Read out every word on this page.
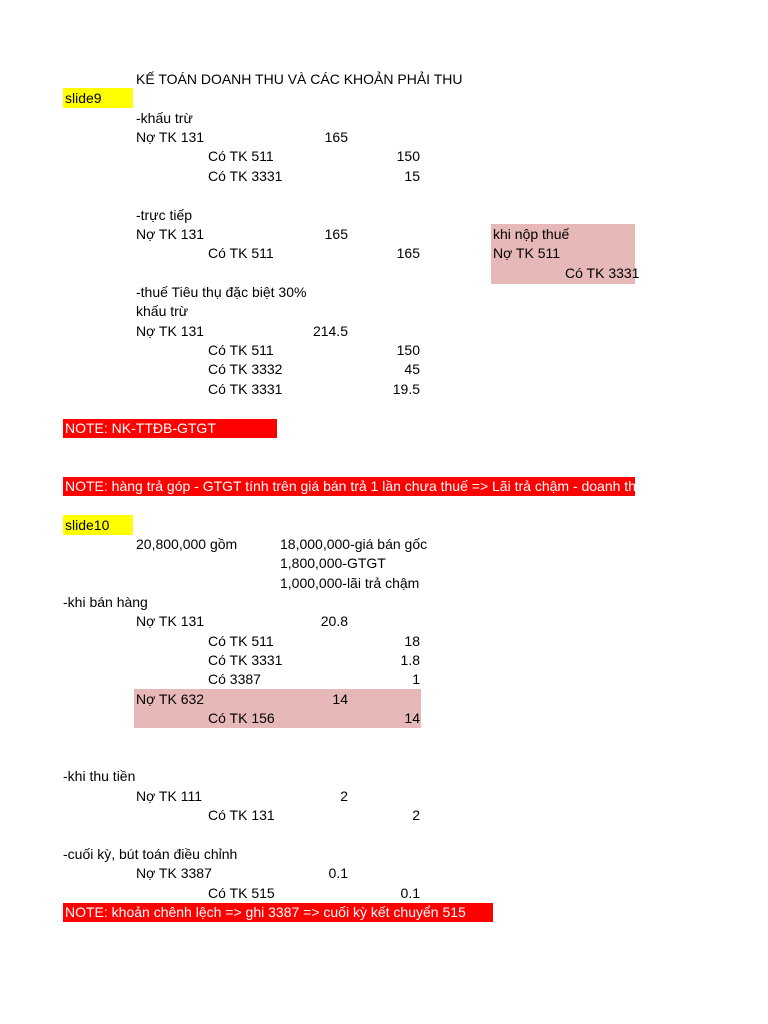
KẾ TOÁN DOANH THU VÀ CÁC KHOẢN PHẢI THU
slide9
-khấu trừ
Nợ TK 131	165
Có TK 511	150
Có TK 3331	15
-trực tiếp
Nợ TK 131	165
Có TK 511	165
khi nộp thuế
Nợ TK 511
Có TK 3331
-thuế Tiêu thụ đặc biệt 30%
khấu trừ
Nợ TK 131	214.5
Có TK 511	150
Có TK 3332	45
Có TK 3331	19.5
NOTE: NK-TTĐB-GTGT
NOTE: hàng trả góp - GTGT tính trên giá bán trả 1 lần chưa thuế => Lãi trả chậm - doanh thu chưa thực hiện
slide10
20,800,000 gồm	18,000,000-giá bán gốc
1,800,000-GTGT
1,000,000-lãi trả chậm
-khi bán hàng
Nợ TK 131	20.8
Có TK 511	18
Có TK 3331	1.8
Có 3387	1
Nợ TK 632	14
Có TK 156	14
-khi thu tiền
Nợ TK 111	2
Có TK 131	2
-cuối kỳ, bút toán điều chỉnh
Nợ TK 3387	0.1
Có TK 515	0.1
NOTE: khoản chênh lệch => ghi 3387 => cuối kỳ kết chuyển 515
